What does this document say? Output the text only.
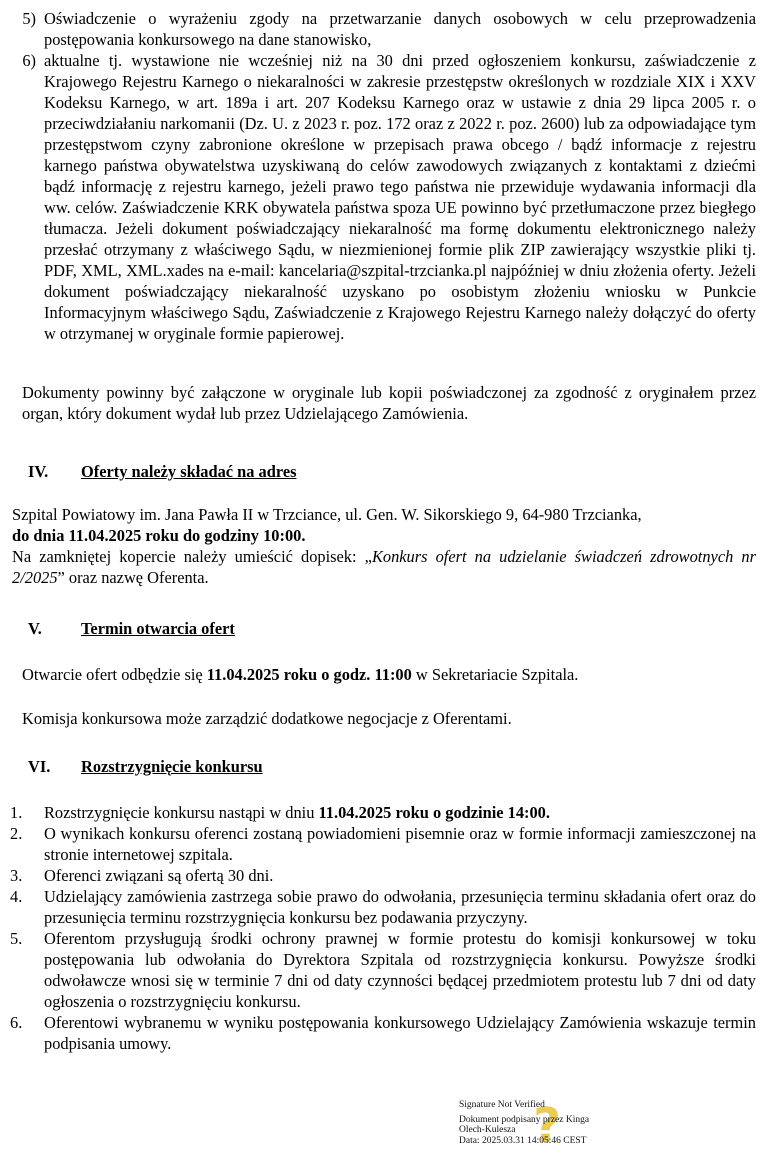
5) Oświadczenie o wyrażeniu zgody na przetwarzanie danych osobowych w celu przeprowadzenia postępowania konkursowego na dane stanowisko,
6) aktualne tj. wystawione nie wcześniej niż na 30 dni przed ogłoszeniem konkursu, zaświadczenie z Krajowego Rejestru Karnego o niekaralności w zakresie przestępstw określonych w rozdziale XIX i XXV Kodeksu Karnego, w art. 189a i art. 207 Kodeksu Karnego oraz w ustawie z dnia 29 lipca 2005 r. o przeciwdziałaniu narkomanii (Dz. U. z 2023 r. poz. 172 oraz z 2022 r. poz. 2600) lub za odpowiadające tym przestępstwom czyny zabronione określone w przepisach prawa obcego / bądź informacje z rejestru karnego państwa obywatelstwa uzyskiwaną do celów zawodowych związanych z kontaktami z dziećmi bądź informację z rejestru karnego, jeżeli prawo tego państwa nie przewiduje wydawania informacji dla ww. celów. Zaświadczenie KRK obywatela państwa spoza UE powinno być przetłumaczone przez biegłego tłumacza. Jeżeli dokument poświadczający niekaralność ma formę dokumentu elektronicznego należy przesłać otrzymany z właściwego Sądu, w niezmienionej formie plik ZIP zawierający wszystkie pliki tj. PDF, XML, XML.xades na e-mail: kancelaria@szpital-trzcianka.pl najpóźniej w dniu złożenia oferty. Jeżeli dokument poświadczający niekaralność uzyskano po osobistym złożeniu wniosku w Punkcie Informacyjnym właściwego Sądu, Zaświadczenie z Krajowego Rejestru Karnego należy dołączyć do oferty w otrzymanej w oryginale formie papierowej.
Dokumenty powinny być załączone w oryginale lub kopii poświadczonej za zgodność z oryginałem przez organ, który dokument wydał lub przez Udzielającego Zamówienia.
IV. Oferty należy składać na adres
Szpital Powiatowy im. Jana Pawła II w Trzciance, ul. Gen. W. Sikorskiego 9, 64-980 Trzcianka,
do dnia 11.04.2025 roku do godziny 10:00.
Na zamkniętej kopercie należy umieścić dopisek: „Konkurs ofert na udzielanie świadczeń zdrowotnych nr 2/2025” oraz nazwę Oferenta.
V. Termin otwarcia ofert
Otwarcie ofert odbędzie się 11.04.2025 roku o godz. 11:00 w Sekretariacie Szpitala.
Komisja konkursowa może zarządzić dodatkowe negocjacje z Oferentami.
VI. Rozstrzygnięcie konkursu
1.	Rozstrzygnięcie konkursu nastąpi w dniu 11.04.2025 roku o godzinie 14:00.
2.	O wynikach konkursu oferenci zostaną powiadomieni pisemnie oraz w formie informacji zamieszczonej na stronie internetowej szpitala.
3.	Oferenci związani są ofertą 30 dni.
4.	Udzielający zamówienia zastrzega sobie prawo do odwołania, przesunięcia terminu składania ofert oraz do przesunięcia terminu rozstrzygnięcia konkursu bez podawania przyczyny.
5.	Oferentom przysługują środki ochrony prawnej w formie protestu do komisji konkursowej w toku postępowania lub odwołania do Dyrektora Szpitala od rozstrzygnięcia konkursu. Powyższe środki odwoławcze wnosi się w terminie 7 dni od daty czynności będącej przedmiotem protestu lub 7 dni od daty ogłoszenia o rozstrzygnięciu konkursu.
6.	Oferentowi wybranemu w wyniku postępowania konkursowego Udzielający Zamówienia wskazuje termin podpisania umowy.
?
Signature Not Verified
Dokument podpisany przez Kinga
Olech-Kulesza
Data: 2025.03.31 14:05:46 CEST
